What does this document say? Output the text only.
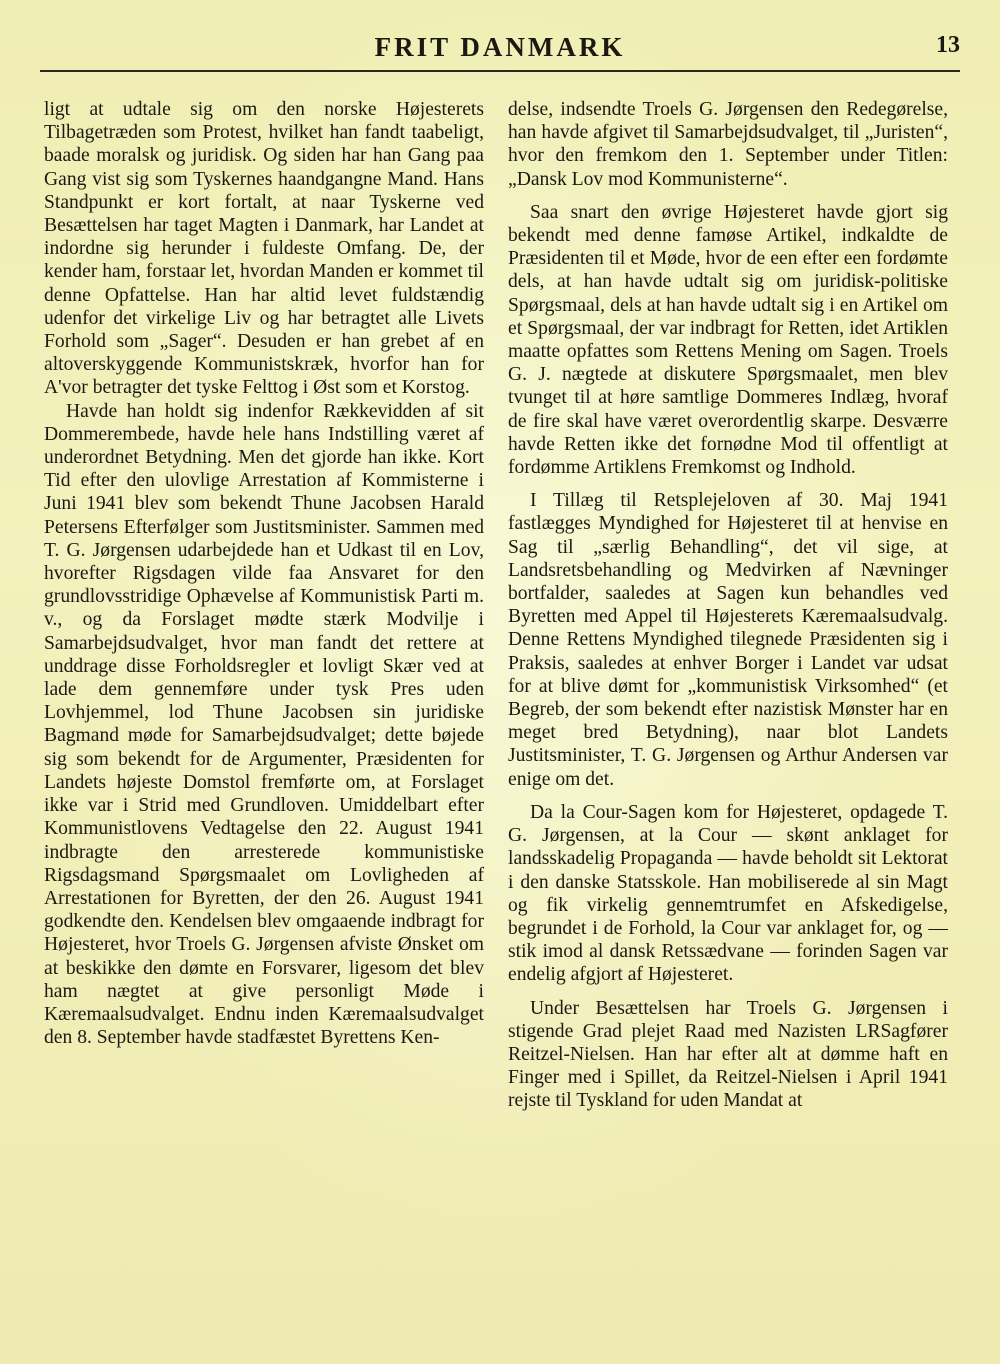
FRIT DANMARK	13

ligt at udtale sig om den norske Højesterets Tilbagetræden som Protest, hvilket han fandt taabeligt, baade moralsk og juridisk. Og siden har han Gang paa Gang vist sig som Tyskernes haandgangne Mand. Hans Standpunkt er kort fortalt, at naar Tyskerne ved Besættelsen har taget Magten i Danmark, har Landet at indordne sig herunder i fuldeste Omfang. De, der kender ham, forstaar let, hvordan Manden er kommet til denne Opfattelse. Han har altid levet fuldstændig udenfor det virkelige Liv og har betragtet alle Livets Forhold som „Sager“. Desuden er han grebet af en altoverskyggende Kommunistskræk, hvorfor han for A'vor betragter det tyske Felttog i Øst som et Korstog.

Havde han holdt sig indenfor Rækkevidden af sit Dommerembede, havde hele hans Indstilling været af underordnet Betydning. Men det gjorde han ikke. Kort Tid efter den ulovlige Arrestation af Kommisterne i Juni 1941 blev som bekendt Thune Jacobsen Harald Petersens Efterfølger som Justitsminister. Sammen med T. G. Jørgensen udarbejdede han et Udkast til en Lov, hvorefter Rigsdagen vilde faa Ansvaret for den grundlovsstridige Ophævelse af Kommunistisk Parti m. v., og da Forslaget mødte stærk Modvilje i Samarbejdsudvalget, hvor man fandt det rettere at unddrage disse Forholdsregler et lovligt Skær ved at lade dem gennemføre under tysk Pres uden Lovhjemmel, lod Thune Jacobsen sin juridiske Bagmand møde for Samarbejdsudvalget; dette bøjede sig som bekendt for de Argumenter, Præsidenten for Landets højeste Domstol fremførte om, at Forslaget ikke var i Strid med Grundloven. Umiddelbart efter Kommunistlovens Vedtagelse den 22. August 1941 indbragte den arresterede kommunistiske Rigsdagsmand Spørgsmaalet om Lovligheden af Arrestationen for Byretten, der den 26. August 1941 godkendte den. Kendelsen blev omgaaende indbragt for Højesteret, hvor Troels G. Jørgensen afviste Ønsket om at beskikke den dømte en Forsvarer, ligesom det blev ham nægtet at give personligt Møde i Kæremaalsudvalget. Endnu inden Kæremaalsudvalget den 8. September havde stadfæstet Byrettens Ken-

delse, indsendte Troels G. Jørgensen den Redegørelse, han havde afgivet til Samarbejdsudvalget, til „Juristen“, hvor den fremkom den 1. September under Titlen: „Dansk Lov mod Kommunisterne“.

Saa snart den øvrige Højesteret havde gjort sig bekendt med denne famøse Artikel, indkaldte de Præsidenten til et Møde, hvor de een efter een fordømte dels, at han havde udtalt sig om juridisk-politiske Spørgsmaal, dels at han havde udtalt sig i en Artikel om et Spørgsmaal, der var indbragt for Retten, idet Artiklen maatte opfattes som Rettens Mening om Sagen. Troels G. J. nægtede at diskutere Spørgsmaalet, men blev tvunget til at høre samtlige Dommeres Indlæg, hvoraf de fire skal have været overordentlig skarpe. Desværre havde Retten ikke det fornødne Mod til offentligt at fordømme Artiklens Fremkomst og Indhold.

I Tillæg til Retsplejeloven af 30. Maj 1941 fastlægges Myndighed for Højesteret til at henvise en Sag til „særlig Behandling“, det vil sige, at Landsretsbehandling og Medvirken af Nævninger bortfalder, saaledes at Sagen kun behandles ved Byretten med Appel til Højesterets Kæremaalsudvalg. Denne Rettens Myndighed tilegnede Præsidenten sig i Praksis, saaledes at enhver Borger i Landet var udsat for at blive dømt for „kommunistisk Virksomhed“ (et Begreb, der som bekendt efter nazistisk Mønster har en meget bred Betydning), naar blot Landets Justitsminister, T. G. Jørgensen og Arthur Andersen var enige om det.

Da la Cour-Sagen kom for Højesteret, opdagede T. G. Jørgensen, at la Cour — skønt anklaget for landsskadelig Propaganda — havde beholdt sit Lektorat i den danske Statsskole. Han mobiliserede al sin Magt og fik virkelig gennemtrumfet en Afskedigelse, begrundet i de Forhold, la Cour var anklaget for, og — stik imod al dansk Retssædvane — forinden Sagen var endelig afgjort af Højesteret.

Under Besættelsen har Troels G. Jørgensen i stigende Grad plejet Raad med Nazisten LRSagfører Reitzel-Nielsen. Han har efter alt at dømme haft en Finger med i Spillet, da Reitzel-Nielsen i April 1941 rejste til Tyskland for uden Mandat at
